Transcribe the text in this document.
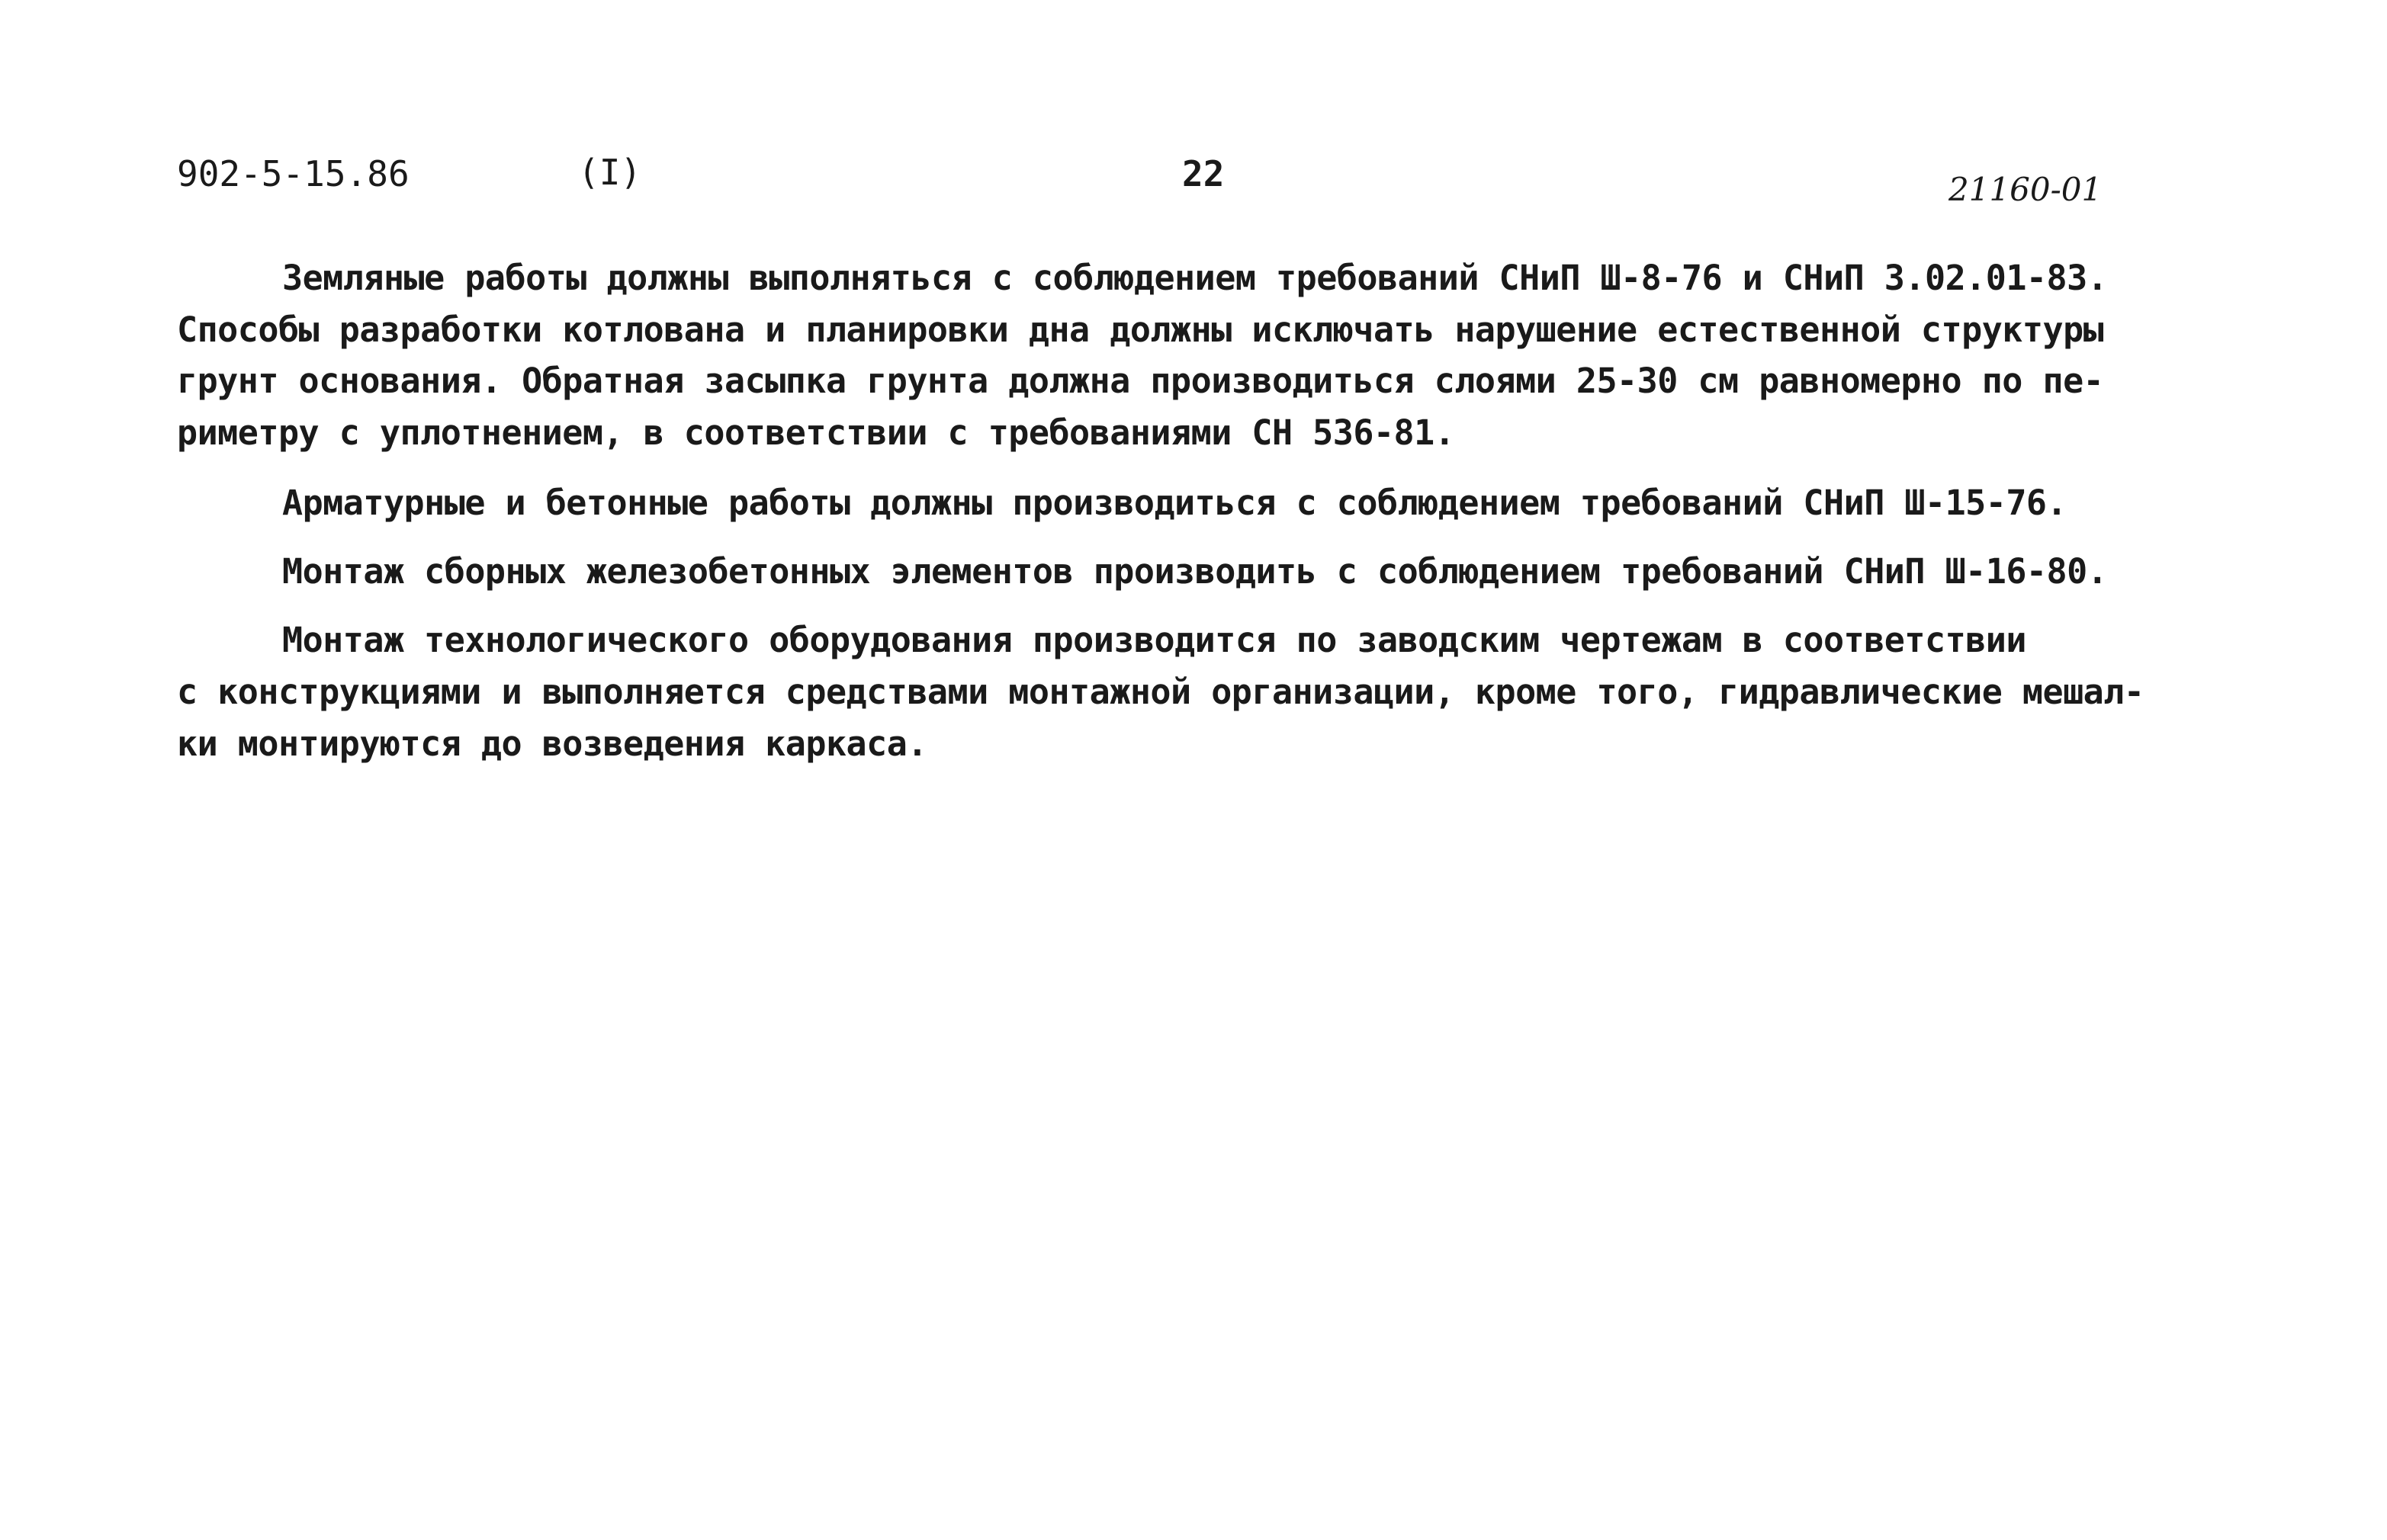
902-5-15.86	(I)	22	21160-01
Земляные работы должны выполняться с соблюдением требований СНиП Ш-8-76 и СНиП 3.02.01-83.
Способы разработки котлована и планировки дна должны исключать нарушение естественной структуры
грунт основания. Обратная засыпка грунта должна производиться слоями 25-30 см равномерно по пе-
риметру с уплотнением, в соответствии с требованиями СН 536-81.
Арматурные и бетонные работы должны производиться с соблюдением требований СНиП Ш-15-76.
Монтаж сборных железобетонных элементов производить с соблюдением требований СНиП Ш-16-80.
Монтаж технологического оборудования производится по заводским чертежам в соответствии
с конструкциями и выполняется средствами монтажной организации, кроме того, гидравлические мешал-
ки монтируются до возведения каркаса.
